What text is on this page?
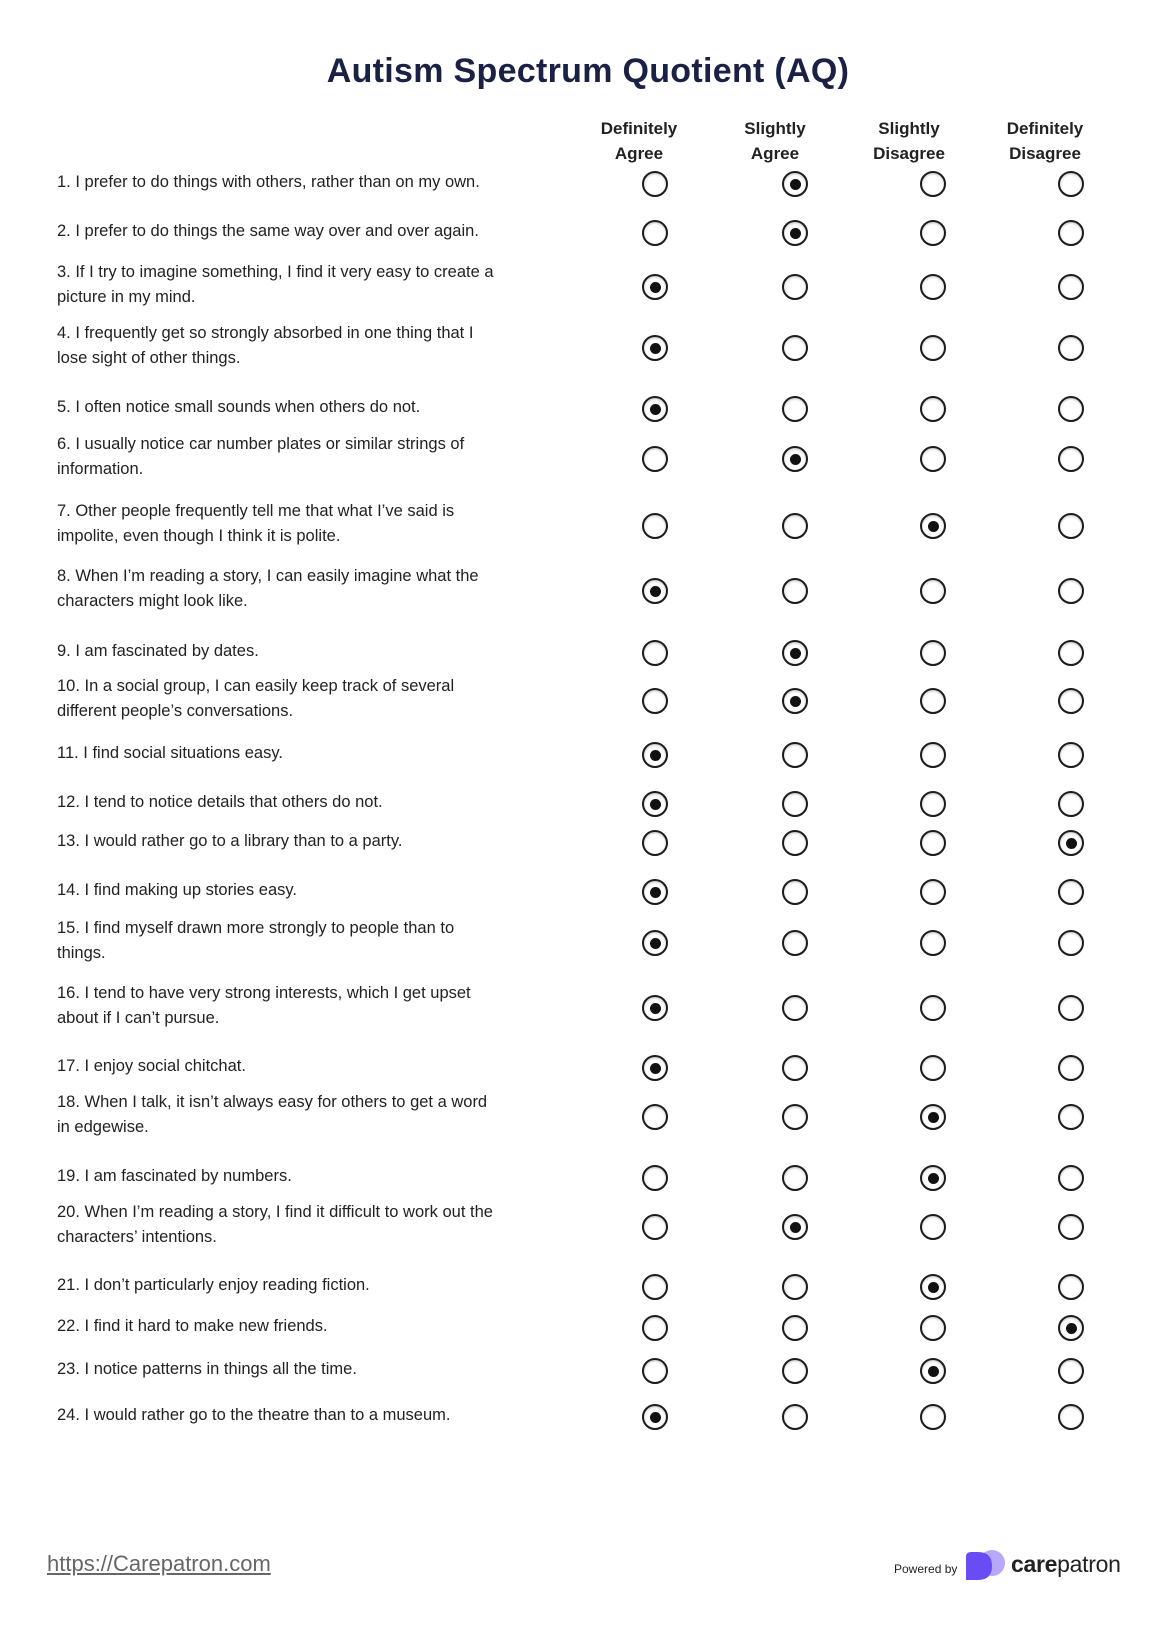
Autism Spectrum Quotient (AQ)
Definitely
Agree
Slightly
Agree
Slightly
Disagree
Definitely
Disagree
1. I prefer to do things with others, rather than on my own.
2. I prefer to do things the same way over and over again.
3. If I try to imagine something, I find it very easy to create a
picture in my mind.
4. I frequently get so strongly absorbed in one thing that I
lose sight of other things.
5. I often notice small sounds when others do not.
6. I usually notice car number plates or similar strings of
information.
7. Other people frequently tell me that what I’ve said is
impolite, even though I think it is polite.
8. When I’m reading a story, I can easily imagine what the
characters might look like.
9. I am fascinated by dates.
10. In a social group, I can easily keep track of several
different people’s conversations.
11. I find social situations easy.
12. I tend to notice details that others do not.
13. I would rather go to a library than to a party.
14. I find making up stories easy.
15. I find myself drawn more strongly to people than to
things.
16. I tend to have very strong interests, which I get upset
about if I can’t pursue.
17. I enjoy social chitchat.
18. When I talk, it isn’t always easy for others to get a word
in edgewise.
19. I am fascinated by numbers.
20. When I’m reading a story, I find it difficult to work out the
characters’ intentions.
21. I don’t particularly enjoy reading fiction.
22. I find it hard to make new friends.
23. I notice patterns in things all the time.
24. I would rather go to the theatre than to a museum.
https://Carepatron.com	Powered by carepatron
